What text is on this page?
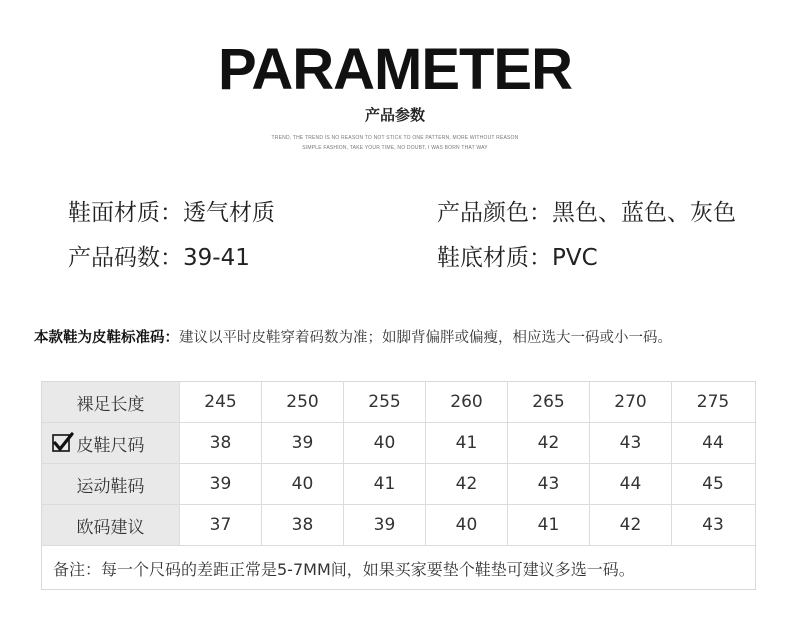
PARAMETER
产品参数
TREND, THE TREND IS NO REASON TO NOT STICK TO ONE PATTERN, MORE WITHOUT REASON
SIMPLE FASHION, TAKE YOUR TIME, NO DOUBT, I WAS BORN THAT WAY
鞋面材质：透气材质	产品颜色：黑色、蓝色、灰色
产品码数：39-41	鞋底材质：PVC
本款鞋为皮鞋标准码：建议以平时皮鞋穿着码数为准；如脚背偏胖或偏瘦，相应选大一码或小一码。
裸足长度	245	250	255	260	265	270	275
皮鞋尺码	38	39	40	41	42	43	44
运动鞋码	39	40	41	42	43	44	45
欧码建议	37	38	39	40	41	42	43
备注：每一个尺码的差距正常是5-7MM间，如果买家要垫个鞋垫可建议多选一码。
